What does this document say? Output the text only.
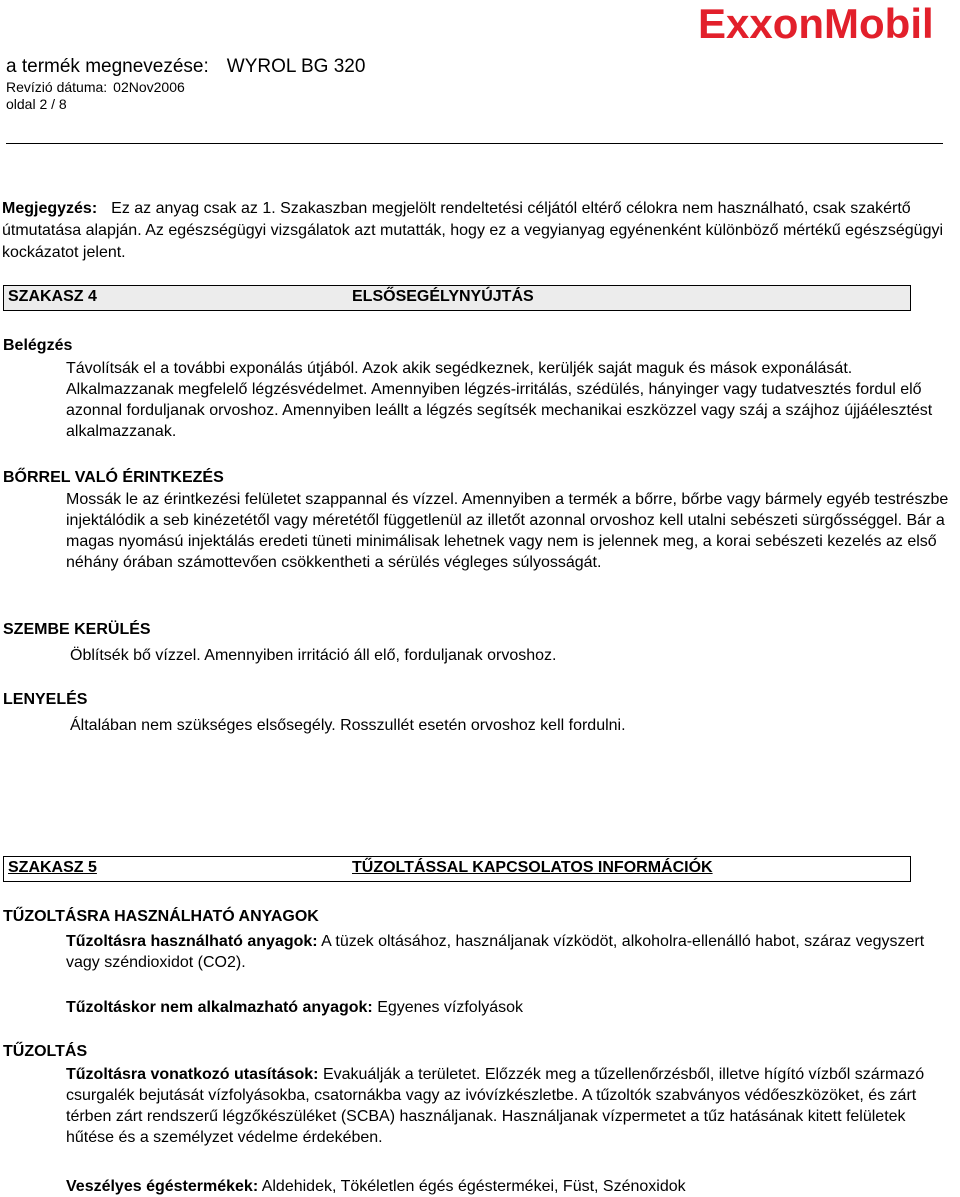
ExxonMobil
a termék megnevezése: WYROL BG 320
Revízió dátuma: 02Nov2006
oldal 2 / 8
Megjegyzés: Ez az anyag csak az 1. Szakaszban megjelölt rendeltetési céljától eltérő célokra nem használható, csak szakértő útmutatása alapján. Az egészségügyi vizsgálatok azt mutatták, hogy ez a vegyianyag egyénenként különböző mértékű egészségügyi kockázatot jelent.
SZAKASZ 4	ELSŐSEGÉLYNYÚJTÁS
Belégzés
Távolítsák el a további exponálás útjából. Azok akik segédkeznek, kerüljék saját maguk és mások exponálását. Alkalmazzanak megfelelő légzésvédelmet. Amennyiben légzés-irritálás, szédülés, hányinger vagy tudatvesztés fordul elő azonnal forduljanak orvoshoz. Amennyiben leállt a légzés segítsék mechanikai eszközzel vagy száj a szájhoz újjáélesztést alkalmazzanak.
BŐRREL VALÓ ÉRINTKEZÉS
Mossák le az érintkezési felületet szappannal és vízzel. Amennyiben a termék a bőrre, bőrbe vagy bármely egyéb testrészbe injektálódik a seb kinézetétől vagy méretétől függetlenül az illetőt azonnal orvoshoz kell utalni sebészeti sürgősséggel. Bár a magas nyomású injektálás eredeti tüneti minimálisak lehetnek vagy nem is jelennek meg, a korai sebészeti kezelés az első néhány órában számottevően csökkentheti a sérülés végleges súlyosságát.
SZEMBE KERÜLÉS
Öblítsék bő vízzel. Amennyiben irritáció áll elő, forduljanak orvoshoz.
LENYELÉS
Általában nem szükséges elsősegély. Rosszullét esetén orvoshoz kell fordulni.
SZAKASZ 5	TŰZOLTÁSSAL KAPCSOLATOS INFORMÁCIÓK
TŰZOLTÁSRA HASZNÁLHATÓ ANYAGOK
Tűzoltásra használható anyagok: A tüzek oltásához, használjanak vízködöt, alkoholra-ellenálló habot, száraz vegyszert vagy széndioxidot (CO2).
Tűzoltáskor nem alkalmazható anyagok: Egyenes vízfolyások
TŰZOLTÁS
Tűzoltásra vonatkozó utasítások: Evakuálják a területet. Előzzék meg a tűzellenőrzésből, illetve hígító vízből származó csurgalék bejutását vízfolyásokba, csatornákba vagy az ivóvízkészletbe. A tűzoltók szabványos védőeszközöket, és zárt térben zárt rendszerű légzőkészüléket (SCBA) használjanak. Használjanak vízpermetet a tűz hatásának kitett felületek hűtése és a személyzet védelme érdekében.
Veszélyes égéstermékek: Aldehidek, Tökéletlen égés égéstermékei, Füst, Szénoxidok
